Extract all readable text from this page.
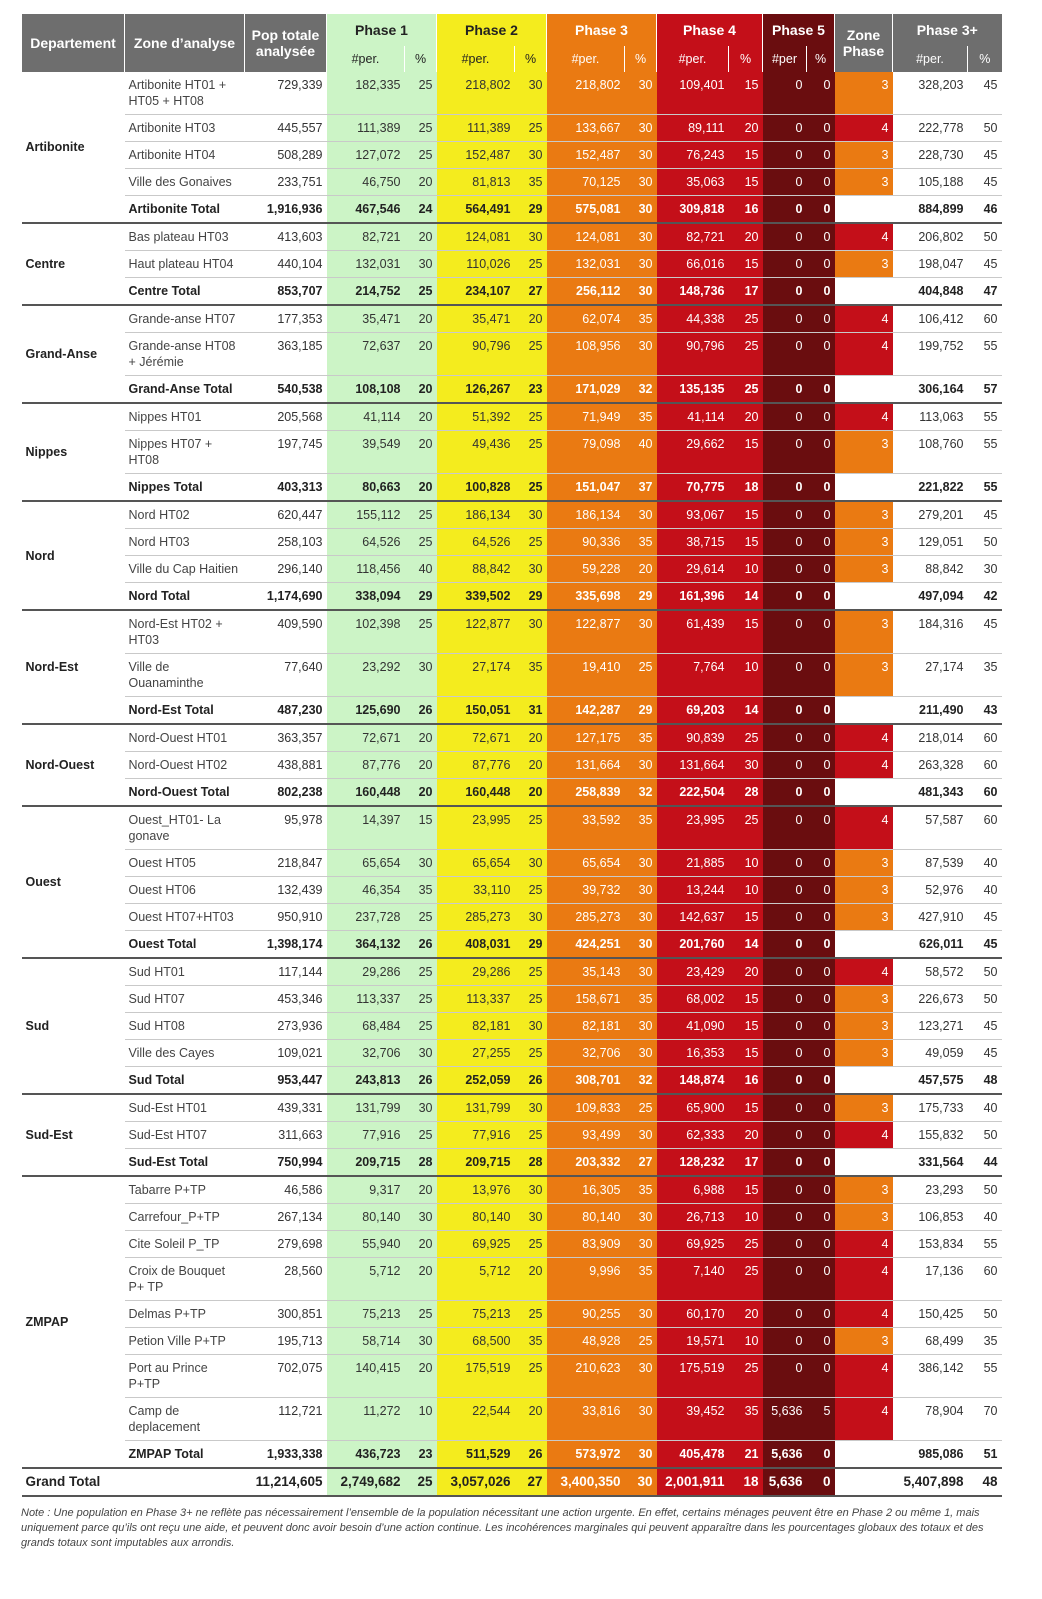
Departement	Zone d’analyse	Pop totale analysée	Phase 1		Phase 2		Phase 3		Phase 4		Phase 5		Zone Phase	Phase 3+	
			#per.	%	#per.	%	#per.	%	#per.	%	#per	%		#per.	%
Artibonite	Artibonite HT01 + HT05 + HT08	729,339	182,335	25	218,802	30	218,802	30	109,401	15	0	0	3	328,203	45
	Artibonite HT03	445,557	111,389	25	111,389	25	133,667	30	89,111	20	0	0	4	222,778	50
	Artibonite HT04	508,289	127,072	25	152,487	30	152,487	30	76,243	15	0	0	3	228,730	45
	Ville des Gonaives	233,751	46,750	20	81,813	35	70,125	30	35,063	15	0	0	3	105,188	45
	Artibonite Total	1,916,936	467,546	24	564,491	29	575,081	30	309,818	16	0	0		884,899	46
Centre	Bas plateau HT03	413,603	82,721	20	124,081	30	124,081	30	82,721	20	0	0	4	206,802	50
	Haut plateau HT04	440,104	132,031	30	110,026	25	132,031	30	66,016	15	0	0	3	198,047	45
	Centre Total	853,707	214,752	25	234,107	27	256,112	30	148,736	17	0	0		404,848	47
Grand-Anse	Grande-anse HT07	177,353	35,471	20	35,471	20	62,074	35	44,338	25	0	0	4	106,412	60
	Grande-anse HT08 + Jérémie	363,185	72,637	20	90,796	25	108,956	30	90,796	25	0	0	4	199,752	55
	Grand-Anse Total	540,538	108,108	20	126,267	23	171,029	32	135,135	25	0	0		306,164	57
Nippes	Nippes HT01	205,568	41,114	20	51,392	25	71,949	35	41,114	20	0	0	4	113,063	55
	Nippes HT07 + HT08	197,745	39,549	20	49,436	25	79,098	40	29,662	15	0	0	3	108,760	55
	Nippes Total	403,313	80,663	20	100,828	25	151,047	37	70,775	18	0	0		221,822	55
Nord	Nord HT02	620,447	155,112	25	186,134	30	186,134	30	93,067	15	0	0	3	279,201	45
	Nord HT03	258,103	64,526	25	64,526	25	90,336	35	38,715	15	0	0	3	129,051	50
	Ville du Cap Haitien	296,140	118,456	40	88,842	30	59,228	20	29,614	10	0	0	3	88,842	30
	Nord Total	1,174,690	338,094	29	339,502	29	335,698	29	161,396	14	0	0		497,094	42
Nord-Est	Nord-Est HT02 + HT03	409,590	102,398	25	122,877	30	122,877	30	61,439	15	0	0	3	184,316	45
	Ville de Ouanaminthe	77,640	23,292	30	27,174	35	19,410	25	7,764	10	0	0	3	27,174	35
	Nord-Est Total	487,230	125,690	26	150,051	31	142,287	29	69,203	14	0	0		211,490	43
Nord-Ouest	Nord-Ouest HT01	363,357	72,671	20	72,671	20	127,175	35	90,839	25	0	0	4	218,014	60
	Nord-Ouest HT02	438,881	87,776	20	87,776	20	131,664	30	131,664	30	0	0	4	263,328	60
	Nord-Ouest Total	802,238	160,448	20	160,448	20	258,839	32	222,504	28	0	0		481,343	60
Ouest	Ouest_HT01- La gonave	95,978	14,397	15	23,995	25	33,592	35	23,995	25	0	0	4	57,587	60
	Ouest HT05	218,847	65,654	30	65,654	30	65,654	30	21,885	10	0	0	3	87,539	40
	Ouest HT06	132,439	46,354	35	33,110	25	39,732	30	13,244	10	0	0	3	52,976	40
	Ouest HT07+HT03	950,910	237,728	25	285,273	30	285,273	30	142,637	15	0	0	3	427,910	45
	Ouest Total	1,398,174	364,132	26	408,031	29	424,251	30	201,760	14	0	0		626,011	45
Sud	Sud HT01	117,144	29,286	25	29,286	25	35,143	30	23,429	20	0	0	4	58,572	50
	Sud HT07	453,346	113,337	25	113,337	25	158,671	35	68,002	15	0	0	3	226,673	50
	Sud HT08	273,936	68,484	25	82,181	30	82,181	30	41,090	15	0	0	3	123,271	45
	Ville des Cayes	109,021	32,706	30	27,255	25	32,706	30	16,353	15	0	0	3	49,059	45
	Sud Total	953,447	243,813	26	252,059	26	308,701	32	148,874	16	0	0		457,575	48
Sud-Est	Sud-Est HT01	439,331	131,799	30	131,799	30	109,833	25	65,900	15	0	0	3	175,733	40
	Sud-Est HT07	311,663	77,916	25	77,916	25	93,499	30	62,333	20	0	0	4	155,832	50
	Sud-Est Total	750,994	209,715	28	209,715	28	203,332	27	128,232	17	0	0		331,564	44
ZMPAP	Tabarre P+TP	46,586	9,317	20	13,976	30	16,305	35	6,988	15	0	0	3	23,293	50
	Carrefour_P+TP	267,134	80,140	30	80,140	30	80,140	30	26,713	10	0	0	3	106,853	40
	Cite Soleil P_TP	279,698	55,940	20	69,925	25	83,909	30	69,925	25	0	0	4	153,834	55
	Croix de Bouquet P+ TP	28,560	5,712	20	5,712	20	9,996	35	7,140	25	0	0	4	17,136	60
	Delmas P+TP	300,851	75,213	25	75,213	25	90,255	30	60,170	20	0	0	4	150,425	50
	Petion Ville P+TP	195,713	58,714	30	68,500	35	48,928	25	19,571	10	0	0	3	68,499	35
	Port au Prince P+TP	702,075	140,415	20	175,519	25	210,623	30	175,519	25	0	0	4	386,142	55
	Camp de deplacement	112,721	11,272	10	22,544	20	33,816	30	39,452	35	5,636	5	4	78,904	70
	ZMPAP Total	1,933,338	436,723	23	511,529	26	573,972	30	405,478	21	5,636	0		985,086	51
Grand Total		11,214,605	2,749,682	25	3,057,026	27	3,400,350	30	2,001,911	18	5,636	0		5,407,898	48
Note : Une population en Phase 3+ ne reflète pas nécessairement l’ensemble de la population nécessitant une action urgente. En effet, certains ménages peuvent être en Phase 2 ou même 1, mais uniquement parce qu’ils ont reçu une aide, et peuvent donc avoir besoin d’une action continue. Les incohérences marginales qui peuvent apparaître dans les pourcentages globaux des totaux et des grands totaux sont imputables aux arrondis.
